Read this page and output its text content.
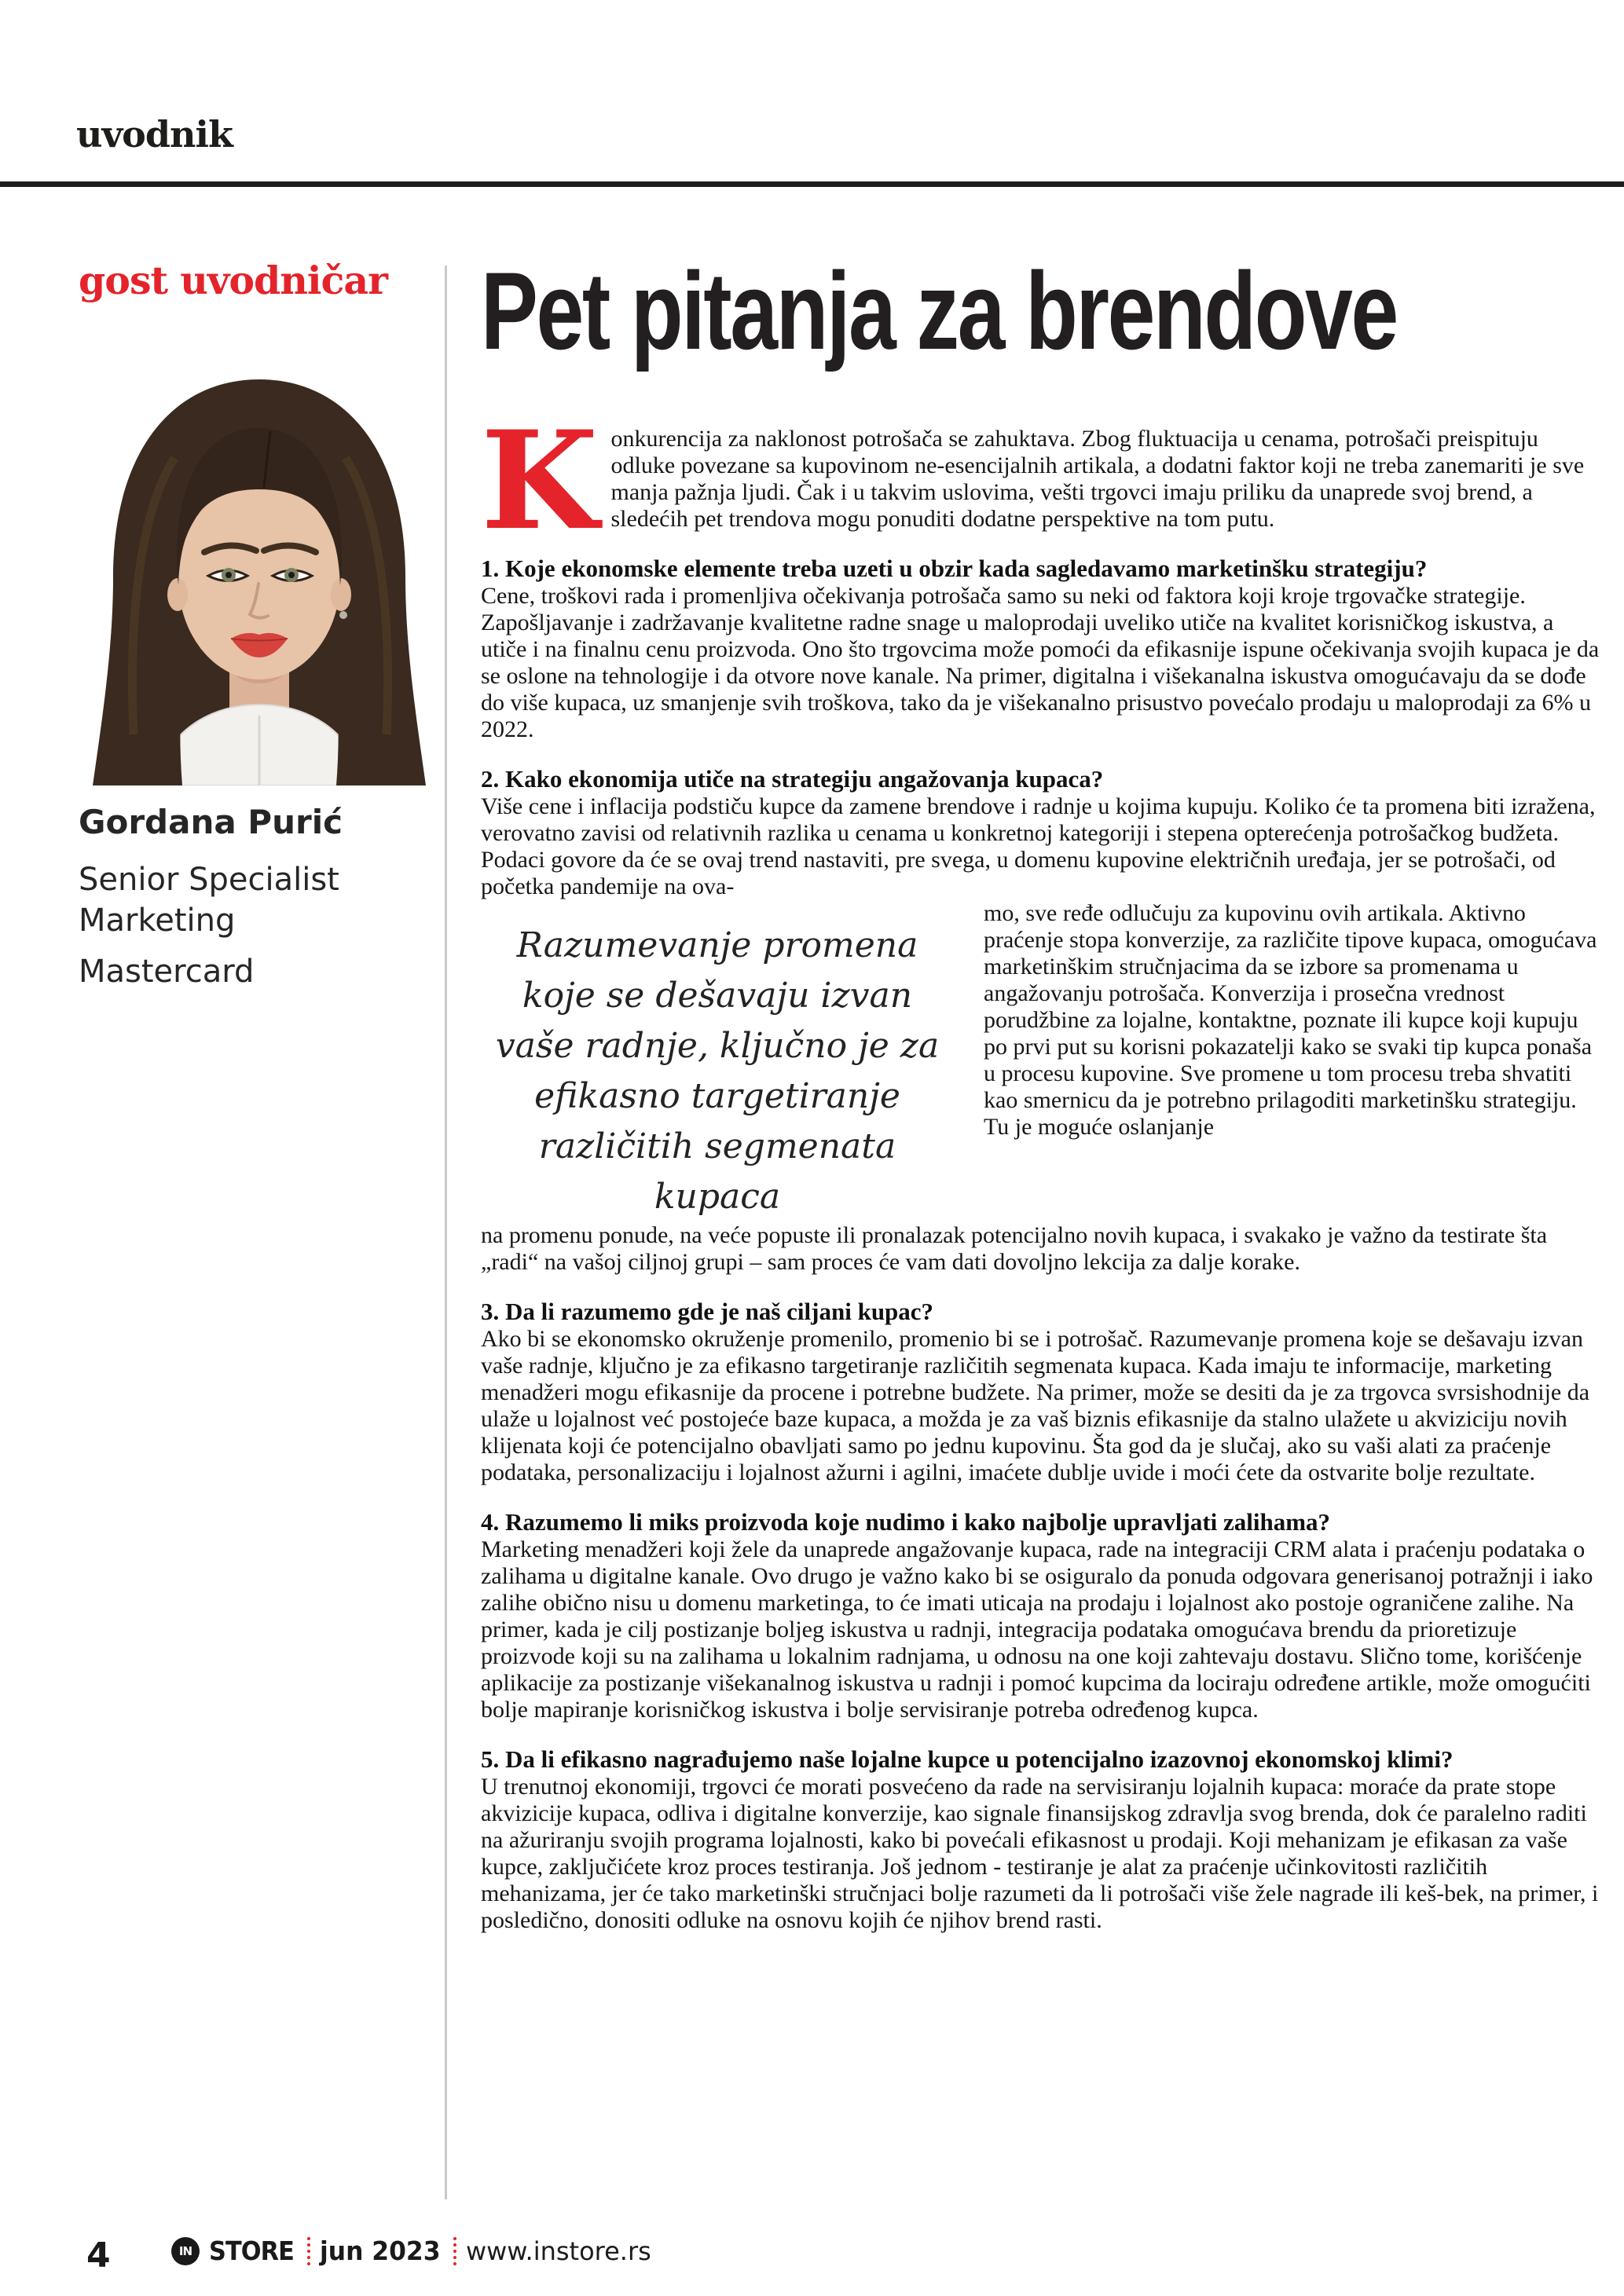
uvodnik
gost uvodničar
Gordana Purić
Senior Specialist Marketing
Mastercard
Pet pitanja za brendove

Konkurencija za naklonost potrošača se zahuktava. Zbog fluktuacija u cenama, potrošači preispituju odluke povezane sa kupovinom ne-esencijalnih artikala, a dodatni faktor koji ne treba zanemariti je sve manja pažnja ljudi. Čak i u takvim uslovima, vešti trgovci imaju priliku da unaprede svoj brend, a sledećih pet trendova mogu ponuditi dodatne perspektive na tom putu.

1. Koje ekonomske elemente treba uzeti u obzir kada sagledavamo marketinšku strategiju?

Cene, troškovi rada i promenljiva očekivanja potrošača samo su neki od faktora koji kroje trgovačke strategije. Zapošljavanje i zadržavanje kvalitetne radne snage u maloprodaji uveliko utiče na kvalitet korisničkog iskustva, a utiče i na finalnu cenu proizvoda. Ono što trgovcima može pomoći da efikasnije ispune očekivanja svojih kupaca je da se oslone na tehnologije i da otvore nove kanale. Na primer, digitalna i višekanalna iskustva omogućavaju da se dođe do više kupaca, uz smanjenje svih troškova, tako da je višekanalno prisustvo povećalo prodaju u maloprodaji za 6% u 2022.

2. Kako ekonomija utiče na strategiju angažovanja kupaca?

Više cene i inflacija podstiču kupce da zamene brendove i radnje u kojima kupuju. Koliko će ta promena biti izražena, verovatno zavisi od relativnih razlika u cenama u konkretnoj kategoriji i stepena opterećenja potrošačkog budžeta. Podaci govore da će se ovaj trend nastaviti, pre svega, u domenu kupovine električnih uređaja, jer se potrošači, od početka pandemije na ova-

Razumevanje promena koje se dešavaju izvan vaše radnje, ključno je za efikasno targetiranje različitih segmenata kupaca

mo, sve ređe odlučuju za kupovinu ovih artikala. Aktivno praćenje stopa konverzije, za različite tipove kupaca, omogućava marketinškim stručnjacima da se izbore sa promenama u angažovanju potrošača. Konverzija i prosečna vrednost porudžbine za lojalne, kontaktne, poznate ili kupce koji kupuju po prvi put su korisni pokazatelji kako se svaki tip kupca ponaša u procesu kupovine. Sve promene u tom procesu treba shvatiti kao smernicu da je potrebno prilagoditi marketinšku strategiju. Tu je moguće oslanjanje

na promenu ponude, na veće popuste ili pronalazak potencijalno novih kupaca, i svakako je važno da testirate šta „radi“ na vašoj ciljnoj grupi – sam proces će vam dati dovoljno lekcija za dalje korake.

3. Da li razumemo gde je naš ciljani kupac?

Ako bi se ekonomsko okruženje promenilo, promenio bi se i potrošač. Razumevanje promena koje se dešavaju izvan vaše radnje, ključno je za efikasno targetiranje različitih segmenata kupaca. Kada imaju te informacije, marketing menadžeri mogu efikasnije da procene i potrebne budžete. Na primer, može se desiti da je za trgovca svrsishodnije da ulaže u lojalnost već postojeće baze kupaca, a možda je za vaš biznis efikasnije da stalno ulažete u akviziciju novih klijenata koji će potencijalno obavljati samo po jednu kupovinu. Šta god da je slučaj, ako su vaši alati za praćenje podataka, personalizaciju i lojalnost ažurni i agilni, imaćete dublje uvide i moći ćete da ostvarite bolje rezultate.

4. Razumemo li miks proizvoda koje nudimo i kako najbolje upravljati zalihama?

Marketing menadžeri koji žele da unaprede angažovanje kupaca, rade na integraciji CRM alata i praćenju podataka o zalihama u digitalne kanale. Ovo drugo je važno kako bi se osiguralo da ponuda odgovara generisanoj potražnji i iako zalihe obično nisu u domenu marketinga, to će imati uticaja na prodaju i lojalnost ako postoje ograničene zalihe. Na primer, kada je cilj postizanje boljeg iskustva u radnji, integracija podataka omogućava brendu da prioretizuje proizvode koji su na zalihama u lokalnim radnjama, u odnosu na one koji zahtevaju dostavu. Slično tome, korišćenje aplikacije za postizanje višekanalnog iskustva u radnji i pomoć kupcima da lociraju određene artikle, može omogućiti bolje mapiranje korisničkog iskustva i bolje servisiranje potreba određenog kupca.

5. Da li efikasno nagrađujemo naše lojalne kupce u potencijalno izazovnoj ekonomskoj klimi?

U trenutnoj ekonomiji, trgovci će morati posvećeno da rade na servisiranju lojalnih kupaca: moraće da prate stope akvizicije kupaca, odliva i digitalne konverzije, kao signale finansijskog zdravlja svog brenda, dok će paralelno raditi na ažuriranju svojih programa lojalnosti, kako bi povećali efikasnost u prodaji. Koji mehanizam je efikasan za vaše kupce, zaključićete kroz proces testiranja. Još jednom - testiranje je alat za praćenje učinkovitosti različitih mehanizama, jer će tako marketinški stručnjaci bolje razumeti da li potrošači više žele nagrade ili keš-bek, na primer, i posledično, donositi odluke na osnovu kojih će njihov brend rasti.

4	IN STORE jun 2023 www.instore.rs
